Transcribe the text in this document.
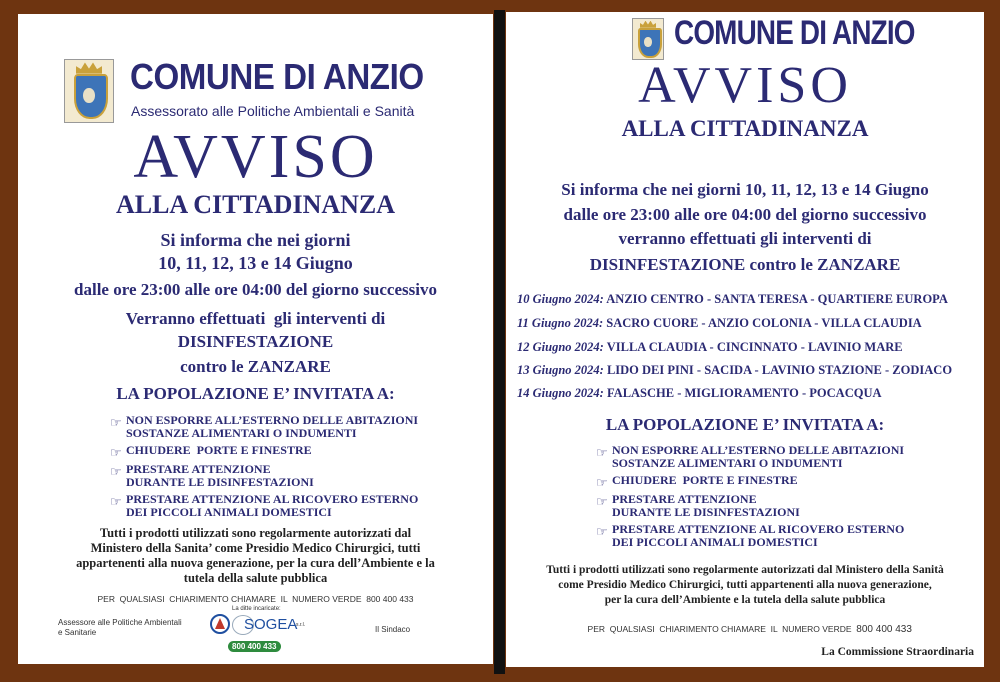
COMUNE DI ANZIO
Assessorato alle Politiche Ambientali e Sanità
AVVISO
ALLA CITTADINANZA
Si informa che nei giorni
10, 11, 12, 13 e 14 Giugno
dalle ore 23:00 alle ore 04:00 del giorno successivo
Verranno effettuati  gli interventi di
DISINFESTAZIONE
contro le ZANZARE
LA POPOLAZIONE E’ INVITATA A:
☞ NON ESPORRE ALL’ESTERNO DELLE ABITAZIONI
SOSTANZE ALIMENTARI O INDUMENTI
☞ CHIUDERE  PORTE E FINESTRE
☞ PRESTARE ATTENZIONE
DURANTE LE DISINFESTAZIONI
☞ PRESTARE ATTENZIONE AL RICOVERO ESTERNO
DEI PICCOLI ANIMALI DOMESTICI
Tutti i prodotti utilizzati sono regolarmente autorizzati dal
Ministero della Sanita’ come Presidio Medico Chirurgici, tutti
appartenenti alla nuova generazione, per la cura dell’Ambiente e la
tutela della salute pubblica
PER  QUALSIASI  CHIARIMENTO CHIAMARE  IL  NUMERO VERDE  800 400 433
Assessore alle Politiche Ambientali
e Sanitarie
La ditte incaricate:
SOGEA
s.r.l.
800 400 433
Il Sindaco
COMUNE DI ANZIO
AVVISO
ALLA CITTADINANZA
Si informa che nei giorni 10, 11, 12, 13 e 14 Giugno
dalle ore 23:00 alle ore 04:00 del giorno successivo
verranno effettuati gli interventi di
DISINFESTAZIONE contro le ZANZARE
10 Giugno 2024: ANZIO CENTRO - SANTA TERESA - QUARTIERE EUROPA
11 Giugno 2024: SACRO CUORE - ANZIO COLONIA - VILLA CLAUDIA
12 Giugno 2024: VILLA CLAUDIA - CINCINNATO - LAVINIO MARE
13 Giugno 2024: LIDO DEI PINI - SACIDA - LAVINIO STAZIONE - ZODIACO
14 Giugno 2024: FALASCHE - MIGLIORAMENTO - POCACQUA
LA POPOLAZIONE E’ INVITATA A:
☞ NON ESPORRE ALL’ESTERNO DELLE ABITAZIONI
SOSTANZE ALIMENTARI O INDUMENTI
☞ CHIUDERE  PORTE E FINESTRE
☞ PRESTARE ATTENZIONE
DURANTE LE DISINFESTAZIONI
☞ PRESTARE ATTENZIONE AL RICOVERO ESTERNO
DEI PICCOLI ANIMALI DOMESTICI
Tutti i prodotti utilizzati sono regolarmente autorizzati dal Ministero della Sanità
come Presidio Medico Chirurgici, tutti appartenenti alla nuova generazione,
per la cura dell’Ambiente e la tutela della salute pubblica

PER  QUALSIASI  CHIARIMENTO CHIAMARE  IL  NUMERO VERDE 800 400 433

La Commissione Straordinaria
